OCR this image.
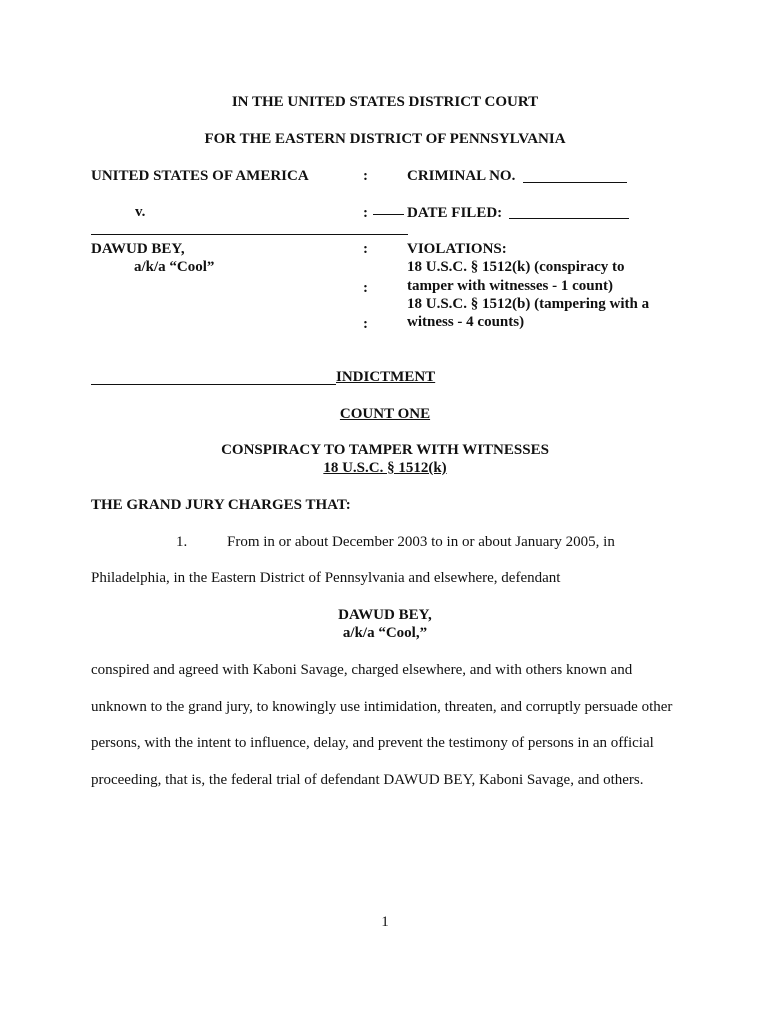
IN THE UNITED STATES DISTRICT COURT
FOR THE EASTERN DISTRICT OF PENNSYLVANIA
UNITED STATES OF AMERICA
v.
DAWUD BEY,
a/k/a “Cool”
:
:
:
:
:
CRIMINAL NO.
DATE FILED:
VIOLATIONS:
18 U.S.C. § 1512(k) (conspiracy to
tamper with witnesses - 1 count)
18 U.S.C. § 1512(b) (tampering with a
witness - 4 counts)
INDICTMENT
COUNT ONE
CONSPIRACY TO TAMPER WITH WITNESSES
18 U.S.C. § 1512(k)
THE GRAND JURY CHARGES THAT:
1.	From in or about December 2003 to in or about January 2005, in
Philadelphia, in the Eastern District of Pennsylvania and elsewhere, defendant
DAWUD BEY,
a/k/a “Cool,”
conspired and agreed with Kaboni Savage, charged elsewhere, and with others known and
unknown to the grand jury, to knowingly use intimidation, threaten, and corruptly persuade other
persons, with the intent to influence, delay, and prevent the testimony of persons in an official
proceeding, that is, the federal trial of defendant DAWUD BEY, Kaboni Savage, and others.
1
